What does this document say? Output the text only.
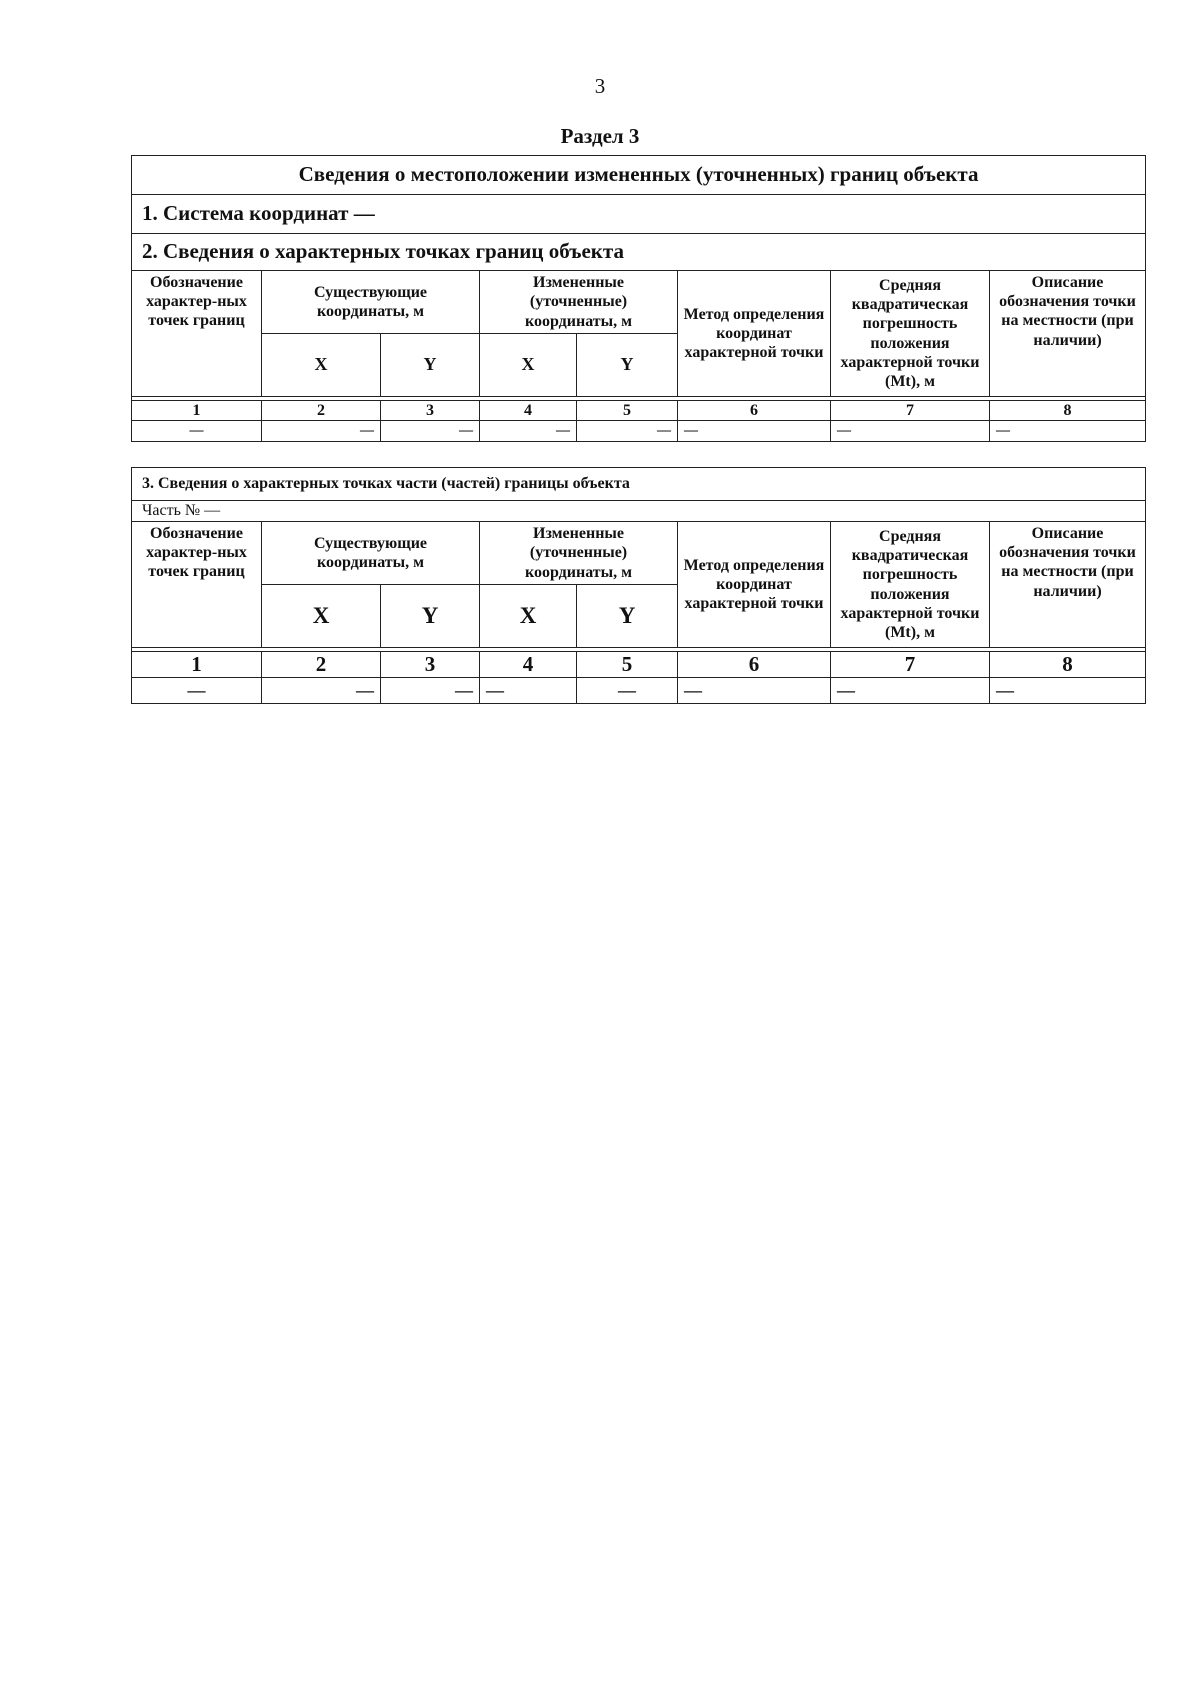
3
Раздел 3
Сведения о местоположении измененных (уточненных) границ объекта							
1. Система координат —							
2. Сведения о характерных точках границ объекта							
Обозначение характер-ных точек границ	Существующие координаты, м		Измененные (уточненные) координаты, м		Метод определения координат характерной точки	Средняя квадратическая погрешность положения характерной точки (Мt), м	Описание обозначения точки на местности (при наличии)
	X	Y	X	Y			

1	2	3	4	5	6	7	8
—	—	—	—	—	—	—	—
3. Сведения о характерных точках части (частей) границы объекта							
Часть № —							
Обозначение характер-ных точек границ	Существующие координаты, м		Измененные (уточненные) координаты, м		Метод определения координат характерной точки	Средняя квадратическая погрешность положения характерной точки (Мt), м	Описание обозначения точки на местности (при наличии)
	X	Y	X	Y			

1	2	3	4	5	6	7	8
—	—	—	—	—	—	—	—
